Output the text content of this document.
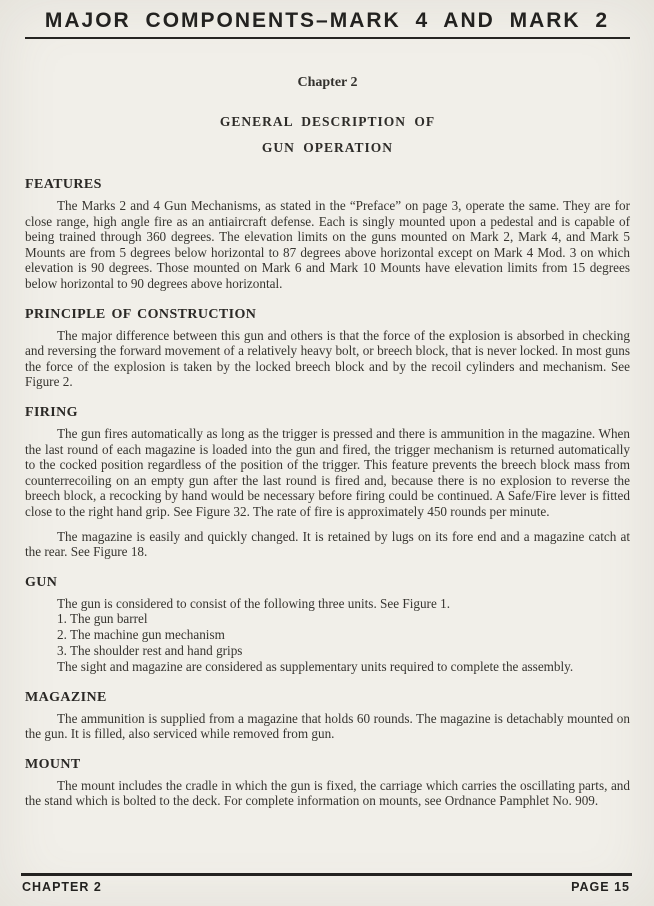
MAJOR COMPONENTS–MARK 4 AND MARK 2

Chapter 2

GENERAL DESCRIPTION OF

GUN OPERATION

FEATURES

The Marks 2 and 4 Gun Mechanisms, as stated in the “Preface” on page 3, operate the same. They are for close range, high angle fire as an antiaircraft defense. Each is singly mounted upon a pedestal and is capable of being trained through 360 degrees. The elevation limits on the guns mounted on Mark 2, Mark 4, and Mark 5 Mounts are from 5 degrees below horizontal to 87 degrees above horizontal except on Mark 4 Mod. 3 on which elevation is 90 degrees. Those mounted on Mark 6 and Mark 10 Mounts have elevation limits from 15 degrees below horizontal to 90 degrees above horizontal.

PRINCIPLE OF CONSTRUCTION

The major difference between this gun and others is that the force of the explosion is absorbed in checking and reversing the forward movement of a relatively heavy bolt, or breech block, that is never locked. In most guns the force of the explosion is taken by the locked breech block and by the recoil cylinders and mechanism. See Figure 2.

FIRING

The gun fires automatically as long as the trigger is pressed and there is ammunition in the magazine. When the last round of each magazine is loaded into the gun and fired, the trigger mechanism is returned automatically to the cocked position regardless of the position of the trigger. This feature prevents the breech block mass from counterrecoiling on an empty gun after the last round is fired and, because there is no explosion to reverse the breech block, a recocking by hand would be necessary before firing could be continued. A Safe/Fire lever is fitted close to the right hand grip. See Figure 32. The rate of fire is approximately 450 rounds per minute.

The magazine is easily and quickly changed. It is retained by lugs on its fore end and a magazine catch at the rear. See Figure 18.

GUN

The gun is considered to consist of the following three units. See Figure 1.

1. The gun barrel

2. The machine gun mechanism

3. The shoulder rest and hand grips

The sight and magazine are considered as supplementary units required to complete the assembly.

MAGAZINE

The ammunition is supplied from a magazine that holds 60 rounds. The magazine is detachably mounted on the gun. It is filled, also serviced while removed from gun.

MOUNT

The mount includes the cradle in which the gun is fixed, the carriage which carries the oscillating parts, and the stand which is bolted to the deck. For complete information on mounts, see Ordnance Pamphlet No. 909.

CHAPTER 2	PAGE 15
